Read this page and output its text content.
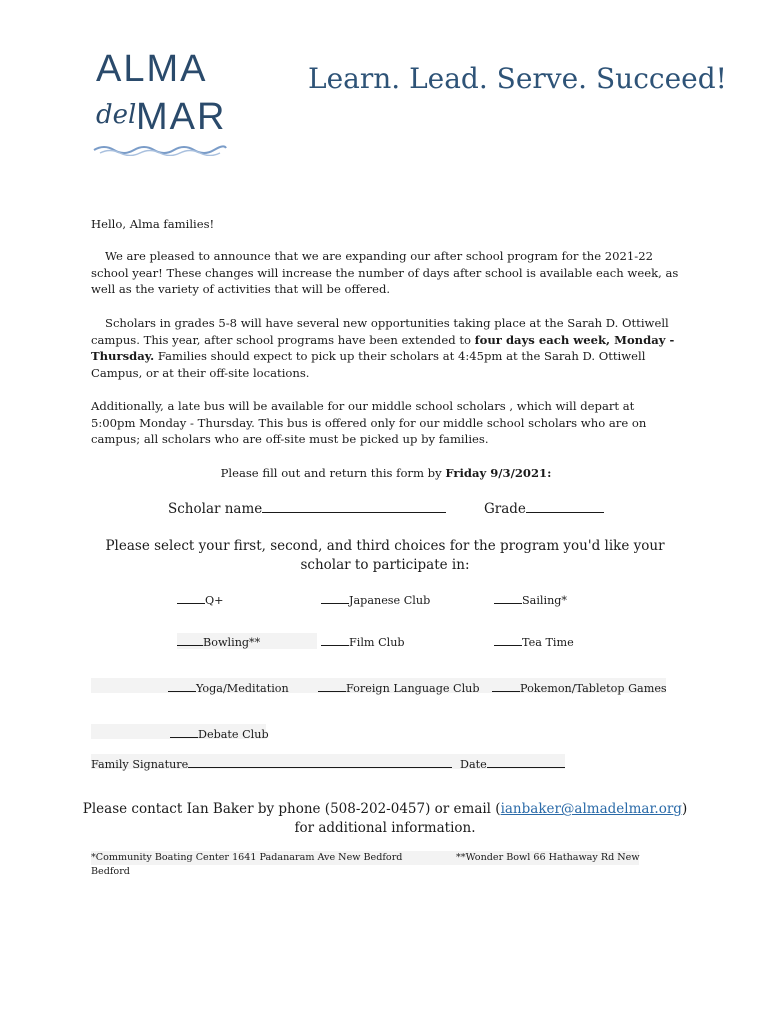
ALMA
del MAR
Learn. Lead. Serve. Succeed!
Hello, Alma families!
We are pleased to announce that we are expanding our after school program for the 2021-22 school year! These changes will increase the number of days after school is available each week, as well as the variety of activities that will be offered.
Scholars in grades 5-8 will have several new opportunities taking place at the Sarah D. Ottiwell campus. This year, after school programs have been extended to four days each week, Monday - Thursday. Families should expect to pick up their scholars at 4:45pm at the Sarah D. Ottiwell Campus, or at their off-site locations.
Additionally, a late bus will be available for our middle school scholars , which will depart at 5:00pm Monday - Thursday. This bus is offered only for our middle school scholars who are on campus; all scholars who are off-site must be picked up by families.
Please fill out and return this form by Friday 9/3/2021:
Scholar name	Grade
Please select your first, second, and third choices for the program you'd like your scholar to participate in:
Q+	Japanese Club	Sailing*
Bowling**	Film Club	Tea Time
Yoga/Meditation	Foreign Language Club	Pokemon/Tabletop Games
Debate Club
Family Signature	Date
Please contact Ian Baker by phone (508-202-0457) or email (ianbaker@almadelmar.org)
for additional information.
*Community Boating Center 1641 Padanaram Ave New Bedford	**Wonder Bowl 66 Hathaway Rd New
Bedford
